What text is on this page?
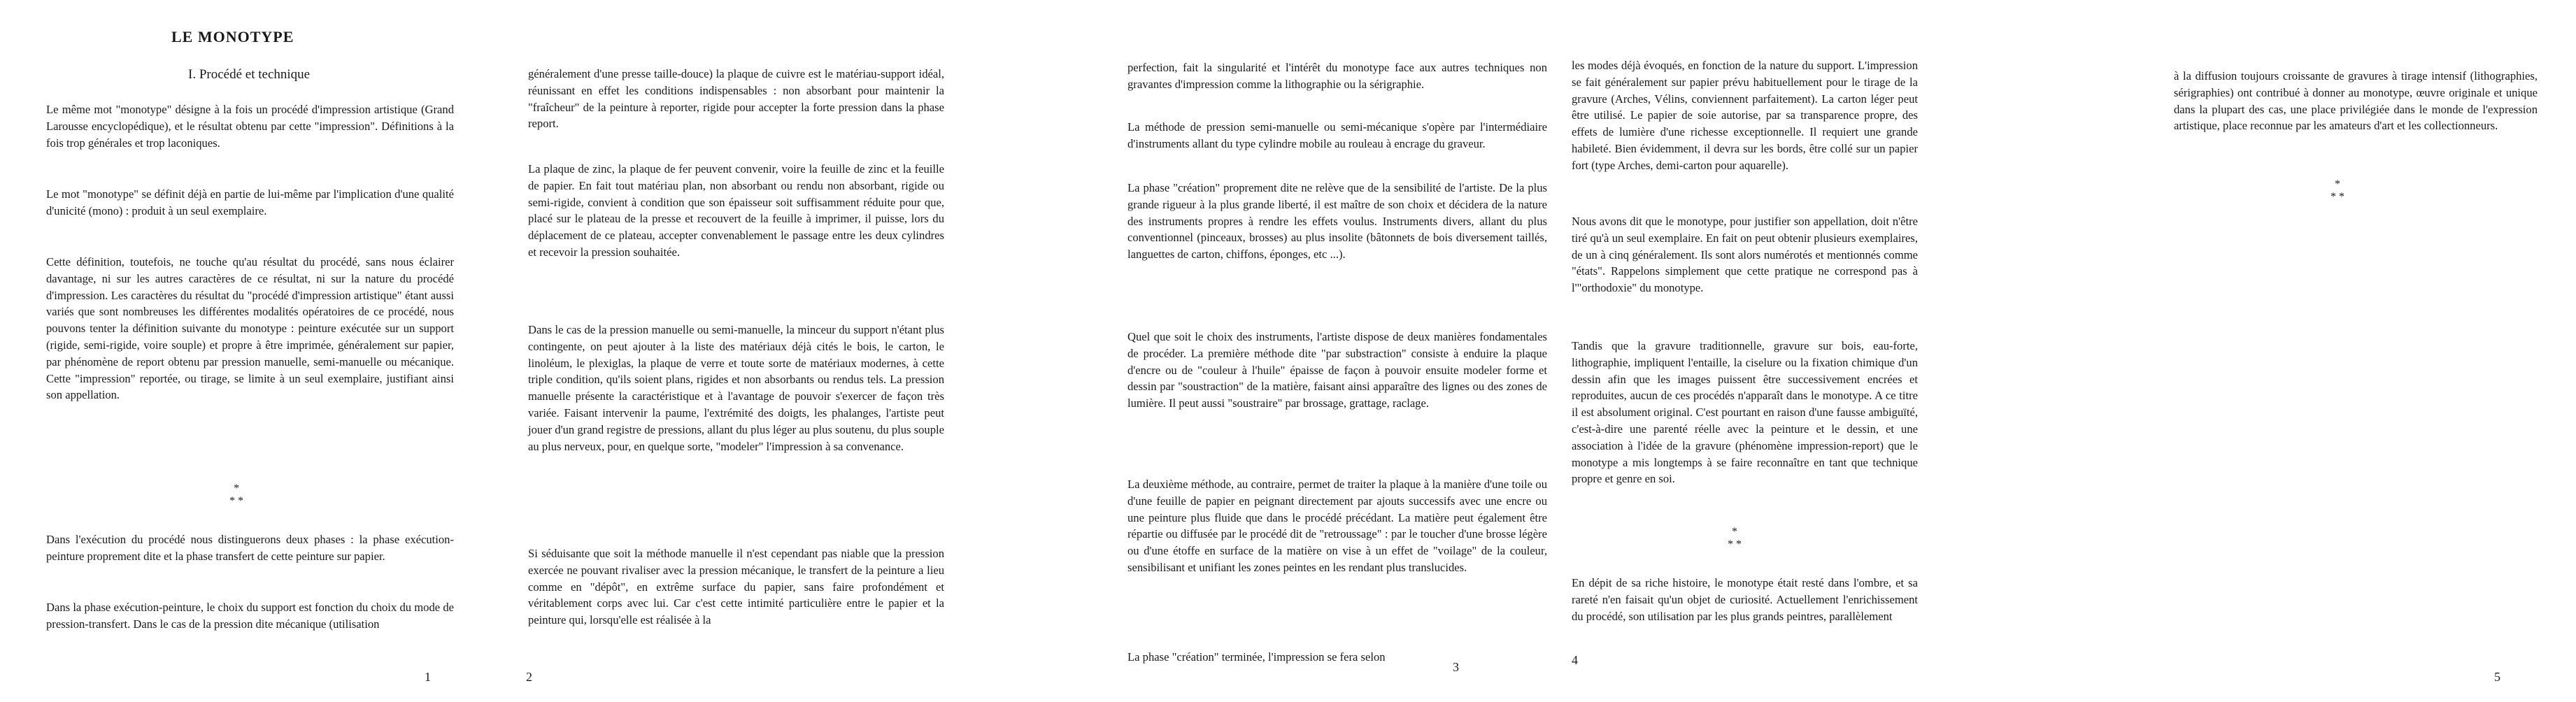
LE MONOTYPE
I. Procédé et technique

Le même mot "monotype" désigne à la fois un procédé d'impression artistique (Grand Larousse encyclopédique), et le résultat obtenu par cette "impression". Définitions à la fois trop générales et trop laconiques.

Le mot "monotype" se définit déjà en partie de lui-même par l'implication d'une qualité d'unicité (mono) : produit à un seul exemplaire.

Cette définition, toutefois, ne touche qu'au résultat du procédé, sans nous éclairer davantage, ni sur les autres caractères de ce résultat, ni sur la nature du procédé d'impression. Les caractères du résultat du "procédé d'impression artistique" étant aussi variés que sont nombreuses les différentes modalités opératoires de ce procédé, nous pouvons tenter la définition suivante du monotype : peinture exécutée sur un support (rigide, semi-rigide, voire souple) et propre à être imprimée, généralement sur papier, par phénomène de report obtenu par pression manuelle, semi-manuelle ou mécanique. Cette "impression" reportée, ou tirage, se limite à un seul exemplaire, justifiant ainsi son appellation.

*
* *

Dans l'exécution du procédé nous distinguerons deux phases : la phase exécution-peinture proprement dite et la phase transfert de cette peinture sur papier.

Dans la phase exécution-peinture, le choix du support est fonction du choix du mode de pression-transfert. Dans le cas de la pression dite mécanique (utilisation

1

généralement d'une presse taille-douce) la plaque de cuivre est le matériau-support idéal, réunissant en effet les conditions indispensables : non absorbant pour maintenir la "fraîcheur" de la peinture à reporter, rigide pour accepter la forte pression dans la phase report.

La plaque de zinc, la plaque de fer peuvent convenir, voire la feuille de zinc et la feuille de papier. En fait tout matériau plan, non absorbant ou rendu non absorbant, rigide ou semi-rigide, convient à condition que son épaisseur soit suffisamment réduite pour que, placé sur le plateau de la presse et recouvert de la feuille à imprimer, il puisse, lors du déplacement de ce plateau, accepter convenablement le passage entre les deux cylindres et recevoir la pression souhaitée.

Dans le cas de la pression manuelle ou semi-manuelle, la minceur du support n'étant plus contingente, on peut ajouter à la liste des matériaux déjà cités le bois, le carton, le linoléum, le plexiglas, la plaque de verre et toute sorte de matériaux modernes, à cette triple condition, qu'ils soient plans, rigides et non absorbants ou rendus tels. La pression manuelle présente la caractéristique et à l'avantage de pouvoir s'exercer de façon très variée. Faisant intervenir la paume, l'extrémité des doigts, les phalanges, l'artiste peut jouer d'un grand registre de pressions, allant du plus léger au plus soutenu, du plus souple au plus nerveux, pour, en quelque sorte, "modeler" l'impression à sa convenance.

Si séduisante que soit la méthode manuelle il n'est cependant pas niable que la pression exercée ne pouvant rivaliser avec la pression mécanique, le transfert de la peinture a lieu comme en "dépôt", en extrême surface du papier, sans faire profondément et véritablement corps avec lui. Car c'est cette intimité particulière entre le papier et la peinture qui, lorsqu'elle est réalisée à la

2

perfection, fait la singularité et l'intérêt du monotype face aux autres techniques non gravantes d'impression comme la lithographie ou la sérigraphie.

La méthode de pression semi-manuelle ou semi-mécanique s'opère par l'intermédiaire d'instruments allant du type cylindre mobile au rouleau à encrage du graveur.

La phase "création" proprement dite ne relève que de la sensibilité de l'artiste. De la plus grande rigueur à la plus grande liberté, il est maître de son choix et décidera de la nature des instruments propres à rendre les effets voulus. Instruments divers, allant du plus conventionnel (pinceaux, brosses) au plus insolite (bâtonnets de bois diversement taillés, languettes de carton, chiffons, éponges, etc ...).

Quel que soit le choix des instruments, l'artiste dispose de deux manières fondamentales de procéder. La première méthode dite "par substraction" consiste à enduire la plaque d'encre ou de "couleur à l'huile" épaisse de façon à pouvoir ensuite modeler forme et dessin par "soustraction" de la matière, faisant ainsi apparaître des lignes ou des zones de lumière. Il peut aussi "soustraire" par brossage, grattage, raclage.

La deuxième méthode, au contraire, permet de traiter la plaque à la manière d'une toile ou d'une feuille de papier en peignant directement par ajouts successifs avec une encre ou une peinture plus fluide que dans le procédé précédant. La matière peut également être répartie ou diffusée par le procédé dit de "retroussage" : par le toucher d'une brosse légère ou d'une étoffe en surface de la matière on vise à un effet de "voilage" de la couleur, sensibilisant et unifiant les zones peintes en les rendant plus translucides.

La phase "création" terminée, l'impression se fera selon

3

les modes déjà évoqués, en fonction de la nature du support. L'impression se fait généralement sur papier prévu habituellement pour le tirage de la gravure (Arches, Vélins, conviennent parfaitement). La carton léger peut être utilisé. Le papier de soie autorise, par sa transparence propre, des effets de lumière d'une richesse exceptionnelle. Il requiert une grande habileté. Bien évidemment, il devra sur les bords, être collé sur un papier fort (type Arches, demi-carton pour aquarelle).

Nous avons dit que le monotype, pour justifier son appellation, doit n'être tiré qu'à un seul exemplaire. En fait on peut obtenir plusieurs exemplaires, de un à cinq généralement. Ils sont alors numérotés et mentionnés comme "états". Rappelons simplement que cette pratique ne correspond pas à l'"orthodoxie" du monotype.

Tandis que la gravure traditionnelle, gravure sur bois, eau-forte, lithographie, impliquent l'entaille, la ciselure ou la fixation chimique d'un dessin afin que les images puissent être successivement encrées et reproduites, aucun de ces procédés n'apparaît dans le monotype. A ce titre il est absolument original. C'est pourtant en raison d'une fausse ambiguïté, c'est-à-dire une parenté réelle avec la peinture et le dessin, et une association à l'idée de la gravure (phénomène impression-report) que le monotype a mis longtemps à se faire reconnaître en tant que technique propre et genre en soi.

*
* *

En dépit de sa riche histoire, le monotype était resté dans l'ombre, et sa rareté n'en faisait qu'un objet de curiosité. Actuellement l'enrichissement du procédé, son utilisation par les plus grands peintres, parallèlement

4

à la diffusion toujours croissante de gravures à tirage intensif (lithographies, sérigraphies) ont contribué à donner au monotype, œuvre originale et unique dans la plupart des cas, une place privilégiée dans le monde de l'expression artistique, place reconnue par les amateurs d'art et les collectionneurs.

*
* *
5
